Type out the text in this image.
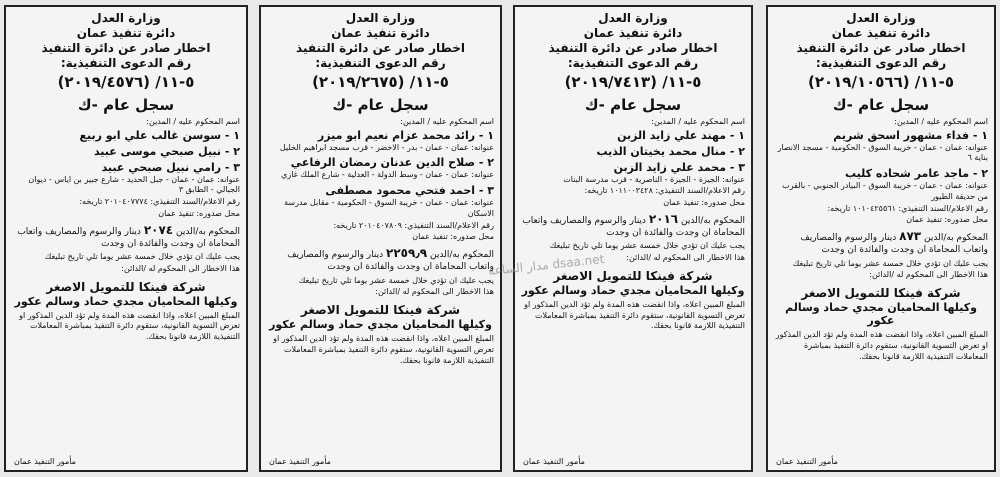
وزارة العدل
دائرة تنفيذ عمان
اخطار صادر عن دائرة التنفيذ
رقم الدعوى التنفيذية:
٥-١١/ (٢٠١٩/١٠٥٦٦)
سجل عام -ك
اسم المحكوم عليه / المدين:
١ - فداء مشهور اسحق شريم
عنوانه: عمان - عمان - خريبة السوق - الحكومية - مسجد الانصار بناية ٦
٢ - ماجد عامر شحاده كليب
عنوانه: عمان - عمان - خريبة السوق - البيادر الجنوبي - بالقرب من حديقة الطيور
رقم الاعلام/السند التنفيذي: ١٠١٠٤٢٥٥٦١ تاريخه:
محل صدوره: تنفيذ عمان
المحكوم به/الدين ٨٧٣ دينار والرسوم والمصاريف واتعاب المحاماة ان وجدت والفائدة ان وجدت
يجب عليك ان تؤدي خلال خمسة عشر يوما تلي تاريخ تبليغك
هذا الاخطار الى المحكوم له /الدائن:
شركة فينكا للتمويل الاصغر
وكيلها المحاميان مجدي حماد وسالم عكور
المبلغ المبين اعلاه، واذا انقضت هذه المدة ولم تؤد الدين المذكور او تعرض التسوية القانونية، ستقوم دائرة التنفيذ بمباشرة المعاملات التنفيذية اللازمة قانونا بحقك.
مأمور التنفيذ عمان
وزارة العدل
دائرة تنفيذ عمان
اخطار صادر عن دائرة التنفيذ
رقم الدعوى التنفيذية:
٥-١١/ (٢٠١٩/٧٤١٣)
سجل عام -ك
اسم المحكوم عليه / المدين:
١ - مهند علي زايد الزبن
٢ - منال محمد يخيتان الذيب
٣ - محمد علي زايد الزبن
عنوانه: الجيزة - الجيزة - الناصرية - قرب مدرسة البنات
رقم الاعلام/السند التنفيذي: ١٠١١٠٠٣٤٢٨ تاريخه:
محل صدوره: تنفيذ عمان
المحكوم به/الدين ٢٠١٦ دينار والرسوم والمصاريف واتعاب المحاماة ان وجدت والفائدة ان وجدت
يجب عليك ان تؤدي خلال خمسة عشر يوما تلي تاريخ تبليغك
هذا الاخطار الى المحكوم له /الدائن:
شركة فينكا للتمويل الاصغر
وكيلها المحاميان مجدي حماد وسالم عكور
المبلغ المبين اعلاه، واذا انقضت هذه المدة ولم تؤد الدين المذكور او تعرض التسوية القانونية، ستقوم دائرة التنفيذ بمباشرة المعاملات التنفيذية اللازمة قانونا بحقك.
مأمور التنفيذ عمان
وزارة العدل
دائرة تنفيذ عمان
اخطار صادر عن دائرة التنفيذ
رقم الدعوى التنفيذية:
٥-١١/ (٢٠١٩/٢٦٧٥)
سجل عام -ك
اسم المحكوم عليه / المدين:
١ - رائد محمد عزام نعيم ابو ميزر
عنوانه: عمان - عمان - بدر - الاخضر - قرب مسجد ابراهيم الخليل
٢ - صلاح الدين عدنان رمضان الرفاعي
عنوانه: عمان - عمان - وسط الدولة - العدلية - شارع الملك غازي
٣ - احمد فتحي محمود مصطفى
عنوانه: عمان - عمان - خريبة السوق - الحكومية - مقابل مدرسة الاسكان
رقم الاعلام/السند التنفيذي: ٢٠١٠٤٠٧٨٠٩ تاريخه:
محل صدوره: تنفيذ عمان
المحكوم به/الدين ٢٢٥٩٫٩ دينار والرسوم والمصاريف واتعاب المحاماة ان وجدت والفائدة ان وجدت
يجب عليك ان تؤدي خلال خمسة عشر يوما تلي تاريخ تبليغك
هذا الاخطار الى المحكوم له /الدائن:
شركة فينكا للتمويل الاصغر
وكيلها المحاميان مجدي حماد وسالم عكور
المبلغ المبين اعلاه، واذا انقضت هذه المدة ولم تؤد الدين المذكور او تعرض التسوية القانونية، ستقوم دائرة التنفيذ بمباشرة المعاملات التنفيذية اللازمة قانونا بحقك.
مأمور التنفيذ عمان
وزارة العدل
دائرة تنفيذ عمان
اخطار صادر عن دائرة التنفيذ
رقم الدعوى التنفيذية:
٥-١١/ (٢٠١٩/٤٥٧٦)
سجل عام -ك
اسم المحكوم عليه / المدين:
١ - سوسن غالب علي ابو ربيع
٢ - نبيل صبحي موسى عبيد
٣ - رامي نبيل صبحي عبيد
عنوانه: عمان - عمان - جبل الحديد - شارع جبير بن اياس - ديوان الجبالي - الطابق ٣
رقم الاعلام/السند التنفيذي: ٢٠١٠٤٠٧٧٧٤ تاريخه:
محل صدوره: تنفيذ عمان
المحكوم به/الدين ٢٠٧٤ دينار والرسوم والمصاريف واتعاب المحاماة ان وجدت والفائدة ان وجدت
يجب عليك ان تؤدي خلال خمسة عشر يوما تلي تاريخ تبليغك
هذا الاخطار الى المحكوم له /الدائن:
شركة فينكا للتمويل الاصغر
وكيلها المحاميان مجدي حماد وسالم عكور
المبلغ المبين اعلاه، واذا انقضت هذه المدة ولم تؤد الدين المذكور او تعرض التسوية القانونية، ستقوم دائرة التنفيذ بمباشرة المعاملات التنفيذية اللازمة قانونا بحقك.
مأمور التنفيذ عمان
مدار الساعة dsaa.net
